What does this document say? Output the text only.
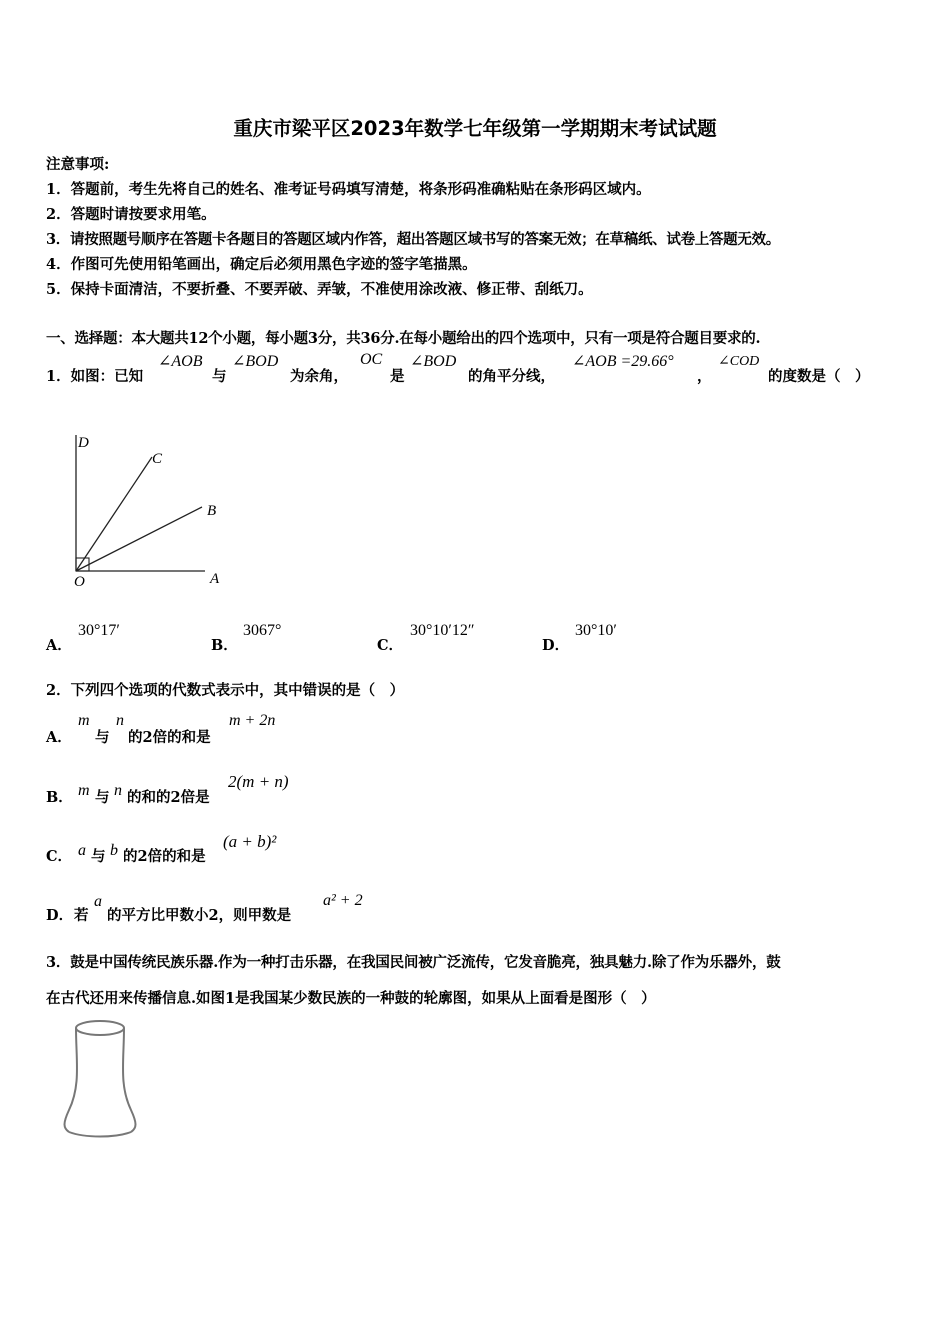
重庆市梁平区2023年数学七年级第一学期期末考试试题
注意事项:
1．答题前，考生先将自己的姓名、准考证号码填写清楚，将条形码准确粘贴在条形码区域内。
2．答题时请按要求用笔。
3．请按照题号顺序在答题卡各题目的答题区域内作答，超出答题区域书写的答案无效；在草稿纸、试卷上答题无效。
4．作图可先使用铅笔画出，确定后必须用黑色字迹的签字笔描黑。
5．保持卡面清洁，不要折叠、不要弄破、弄皱，不准使用涂改液、修正带、刮纸刀。
一、选择题：本大题共12个小题，每小题3分，共36分.在每小题给出的四个选项中，只有一项是符合题目要求的.
1．如图：已知
∠AOB
与
∠BOD
为余角，
OC
是
∠BOD
的角平分线，
∠AOB =29.66°
，
∠COD
的度数是（　）
D
C
B
O	A
A．
30°17′
B．
3067°
C．
30°10′12″
D．
30°10′
2．下列四个选项的代数式表示中，其中错误的是（　）
A．
m
与
n
的2倍的和是
m + 2n
B． m 与 n 的和的2倍是
2(m + n)
C． a 与 b 的2倍的和是
(a + b)²
D． 若
a
的平方比甲数小2，则甲数是
a² + 2
3．鼓是中国传统民族乐器.作为一种打击乐器，在我国民间被广泛流传，它发音脆亮，独具魅力.除了作为乐器外，鼓
在古代还用来传播信息.如图1是我国某少数民族的一种鼓的轮廓图，如果从上面看是图形（　）
